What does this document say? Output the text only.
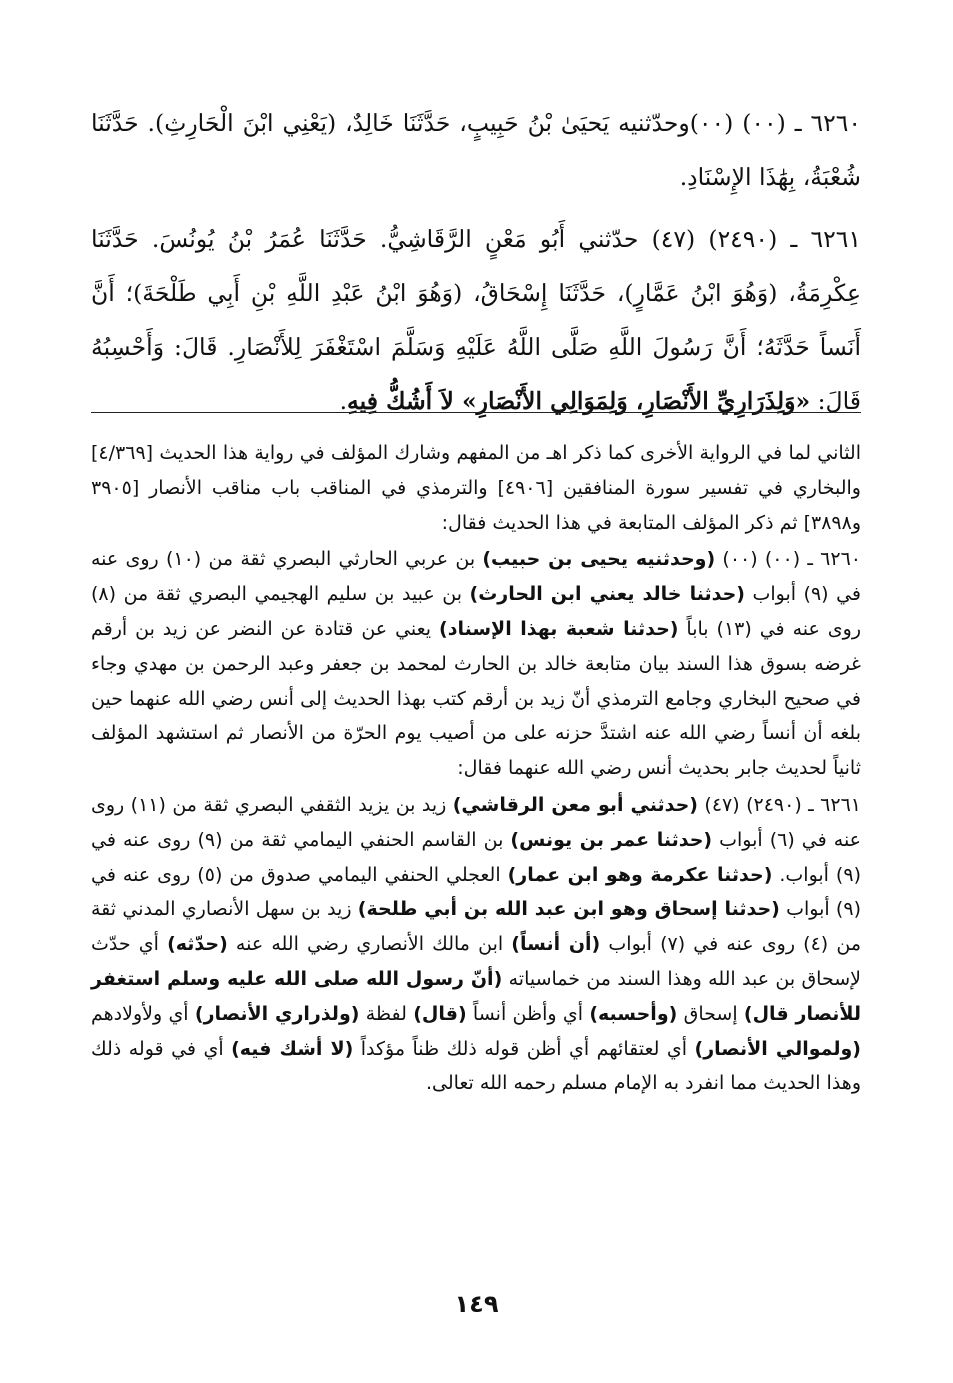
٦٢٦٠ ـ (٠٠) (٠٠)وحدّثنيه يَحيَىٰ بْنُ حَبِيبٍ، حَدَّثَنَا خَالِدٌ، (يَعْنِي ابْنَ الْحَارِثِ). حَدَّثَنَا شُعْبَةُ، بِهَٰذَا الإِسْنَادِ.

٦٢٦١ ـ (٢٤٩٠) (٤٧) حدّثني أَبُو مَعْنٍ الرَّقَاشِيُّ. حَدَّثَنَا عُمَرُ بْنُ يُونُسَ. حَدَّثَنَا عِكْرِمَةُ، (وَهُوَ ابْنُ عَمَّارٍ)، حَدَّثَنَا إِسْحَاقُ، (وَهُوَ ابْنُ عَبْدِ اللَّهِ بْنِ أَبِي طَلْحَةَ)؛ أَنَّ أَنَساً حَدَّثَهُ؛ أَنَّ رَسُولَ اللَّهِ صَلَّى اللَّهُ عَلَيْهِ وَسَلَّمَ اسْتَغْفَرَ لِلأَنْصَارِ. قَالَ: وَأَحْسِبُهُ قَالَ: «وَلِذَرَارِيِّ الأَنْصَارِ، وَلِمَوَالِي الأَنْصَارِ» لاَ أَشُكُّ فِيهِ.

الثاني لما في الرواية الأخرى كما ذكر اهـ من المفهم وشارك المؤلف في رواية هذا الحديث [٤/٣٦٩] والبخاري في تفسير سورة المنافقين [٤٩٠٦] والترمذي في المناقب باب مناقب الأنصار [٣٩٠٥ و٣٨٩٨] ثم ذكر المؤلف المتابعة في هذا الحديث فقال:

٦٢٦٠ ـ (٠٠) (٠٠) (وحدثنيه يحيى بن حبيب) بن عربي الحارثي البصري ثقة من (١٠) روى عنه في (٩) أبواب (حدثنا خالد يعني ابن الحارث) بن عبيد بن سليم الهجيمي البصري ثقة من (٨) روى عنه في (١٣) باباً (حدثنا شعبة بهذا الإسناد) يعني عن قتادة عن النضر عن زيد بن أرقم غرضه بسوق هذا السند بيان متابعة خالد بن الحارث لمحمد بن جعفر وعبد الرحمن بن مهدي وجاء في صحيح البخاري وجامع الترمذي أنّ زيد بن أرقم كتب بهذا الحديث إلى أنس رضي الله عنهما حين بلغه أن أنساً رضي الله عنه اشتدَّ حزنه على من أصيب يوم الحرّة من الأنصار ثم استشهد المؤلف ثانياً لحديث جابر بحديث أنس رضي الله عنهما فقال:

٦٢٦١ ـ (٢٤٩٠) (٤٧) (حدثني أبو معن الرقاشي) زيد بن يزيد الثقفي البصري ثقة من (١١) روى عنه في (٦) أبواب (حدثنا عمر بن يونس) بن القاسم الحنفي اليمامي ثقة من (٩) روى عنه في (٩) أبواب. (حدثنا عكرمة وهو ابن عمار) العجلي الحنفي اليمامي صدوق من (٥) روى عنه في (٩) أبواب (حدثنا إسحاق وهو ابن عبد الله بن أبي طلحة) زيد بن سهل الأنصاري المدني ثقة من (٤) روى عنه في (٧) أبواب (أن أنساً) ابن مالك الأنصاري رضي الله عنه (حدّثه) أي حدّث لإسحاق بن عبد الله وهذا السند من خماسياته (أنّ رسول الله صلى الله عليه وسلم استغفر للأنصار قال) إسحاق (وأحسبه) أي وأظن أنساً (قال) لفظة (ولذراري الأنصار) أي ولأولادهم (ولموالي الأنصار) أي لعتقائهم أي أظن قوله ذلك ظناً مؤكداً (لا أشك فيه) أي في قوله ذلك وهذا الحديث مما انفرد به الإمام مسلم رحمه الله تعالى.

١٤٩
